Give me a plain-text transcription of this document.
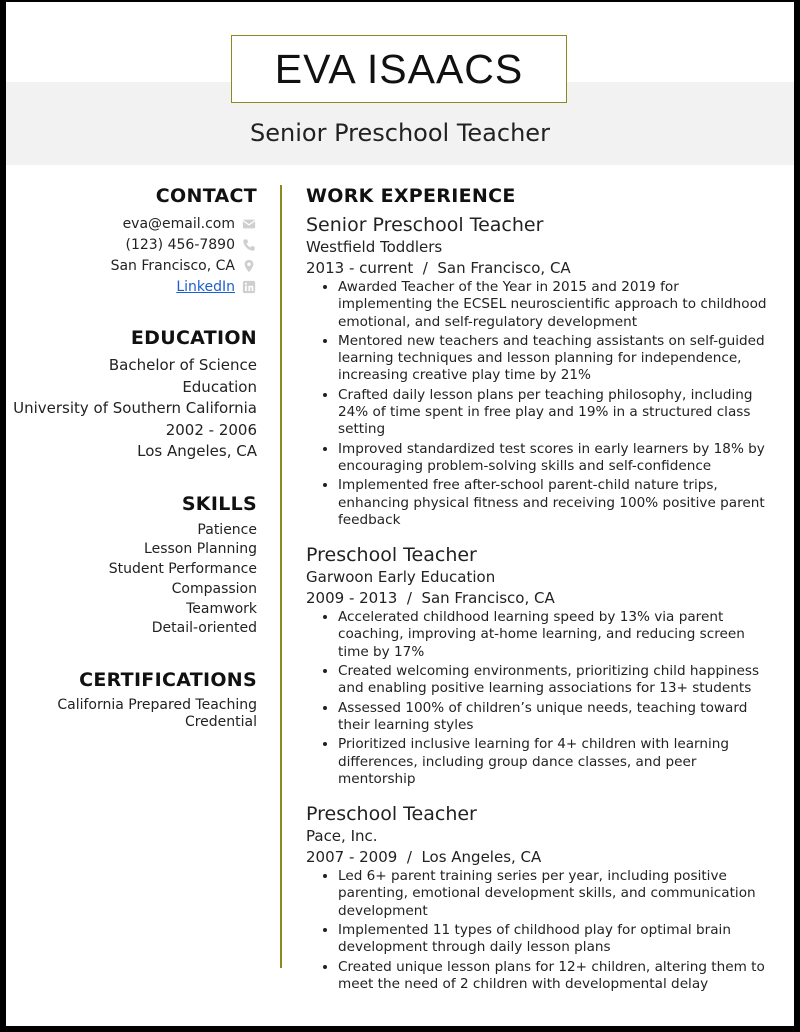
EVA ISAACS
Senior Preschool Teacher
CONTACT
eva@email.com
(123) 456-7890
San Francisco, CA
LinkedIn
EDUCATION
Bachelor of Science
Education
University of Southern California
2002 - 2006
Los Angeles, CA
SKILLS
Patience
Lesson Planning
Student Performance
Compassion
Teamwork
Detail-oriented
CERTIFICATIONS
California Prepared Teaching
Credential
WORK EXPERIENCE
Senior Preschool Teacher
Westfield Toddlers
2013 - current  /  San Francisco, CA
• Awarded Teacher of the Year in 2015 and 2019 for implementing the ECSEL neuroscientific approach to childhood emotional, and self-regulatory development
• Mentored new teachers and teaching assistants on self-guided learning techniques and lesson planning for independence, increasing creative play time by 21%
• Crafted daily lesson plans per teaching philosophy, including 24% of time spent in free play and 19% in a structured class setting
• Improved standardized test scores in early learners by 18% by encouraging problem-solving skills and self-confidence
• Implemented free after-school parent-child nature trips, enhancing physical fitness and receiving 100% positive parent feedback
Preschool Teacher
Garwoon Early Education
2009 - 2013  /  San Francisco, CA
• Accelerated childhood learning speed by 13% via parent coaching, improving at-home learning, and reducing screen time by 17%
• Created welcoming environments, prioritizing child happiness and enabling positive learning associations for 13+ students
• Assessed 100% of children’s unique needs, teaching toward their learning styles
• Prioritized inclusive learning for 4+ children with learning differences, including group dance classes, and peer mentorship
Preschool Teacher
Pace, Inc.
2007 - 2009  /  Los Angeles, CA
• Led 6+ parent training series per year, including positive parenting, emotional development skills, and communication development
• Implemented 11 types of childhood play for optimal brain development through daily lesson plans
• Created unique lesson plans for 12+ children, altering them to meet the need of 2 children with developmental delay
